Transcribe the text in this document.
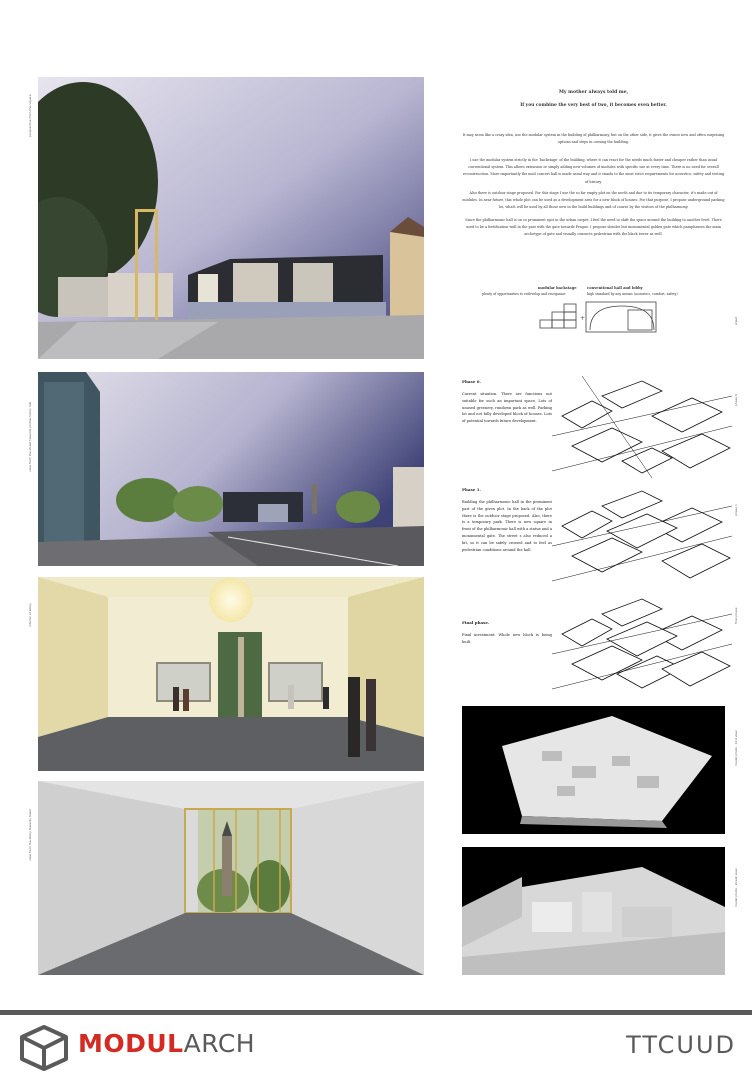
perspective from the square
view from the street towards philharmonic hall
interior of lobby
view from the lobby towards tower
My mother always told me,
If you combine the very best of two, it becomes even better.
It may seem like a crazy idea, use the modular system in the building of philharmony, but on the other side, it gives the owner new and often surprising options and steps in owning the building.
I use the modular system strictly in the ‘backstage’ of the building, where it can react for the needs much faster and cheaper rather than usual conventional system. This allows extension or simply adding new volumes of modules with specific use at every time. There is no need for overall reconstruction. More importantly the mail concert hall is made usual way and it stands to the most strict requirements for acoustics, safety and testing of history.
Also there is outdoor stage proposed. For this stage I use the so far empty plot on the north and due to its temporary character, it’s made out of modules. In near future, this whole plot can be used as a development area for a new block of houses. For that purpose, I propose underground parking lot, which will be used by all those new in the build buildings and of course by the visitors of the philharmony.
Since the philharmonic hall is on so prominent spot in the urban carpet, I feel the need to shift the space around the building to another level. There used to be a fortification wall in the past with the gate towards Prague. I propose slender but monumental golden gate which paraphrases the main archetype of gate and visually connects pedestrian with the black tower as well.
modular backstage
plenty of opportunities to redevelop and reorganize
conventional hall and lobby
high standard by any means (acoustics, comfort, safety)
sheet
+
Phase 0.
Current situation. There are functions not suitable for such an important space. Lots of unused greenery, rundown park as well. Parking lot and not fully developed block of houses. Lots of potential towards future development.
Phase 1.
Building the philharmonic hall in the prominent part of the given plot. In the back of the plot there is the outdoor stage proposed. Also, there is a temporary park. There is new square in front of the philharmonic hall with a statue and a monumental gate. The street s also reduced a bit, so it can be safely crossed and to feel as pedestrian conditions around the hall.
Final phase.
Final investment: Whole new block is being built.
phase 0
phase 1
final phase
model photo - bird view
model photo - street view
MODULARCH	TTCUUD
